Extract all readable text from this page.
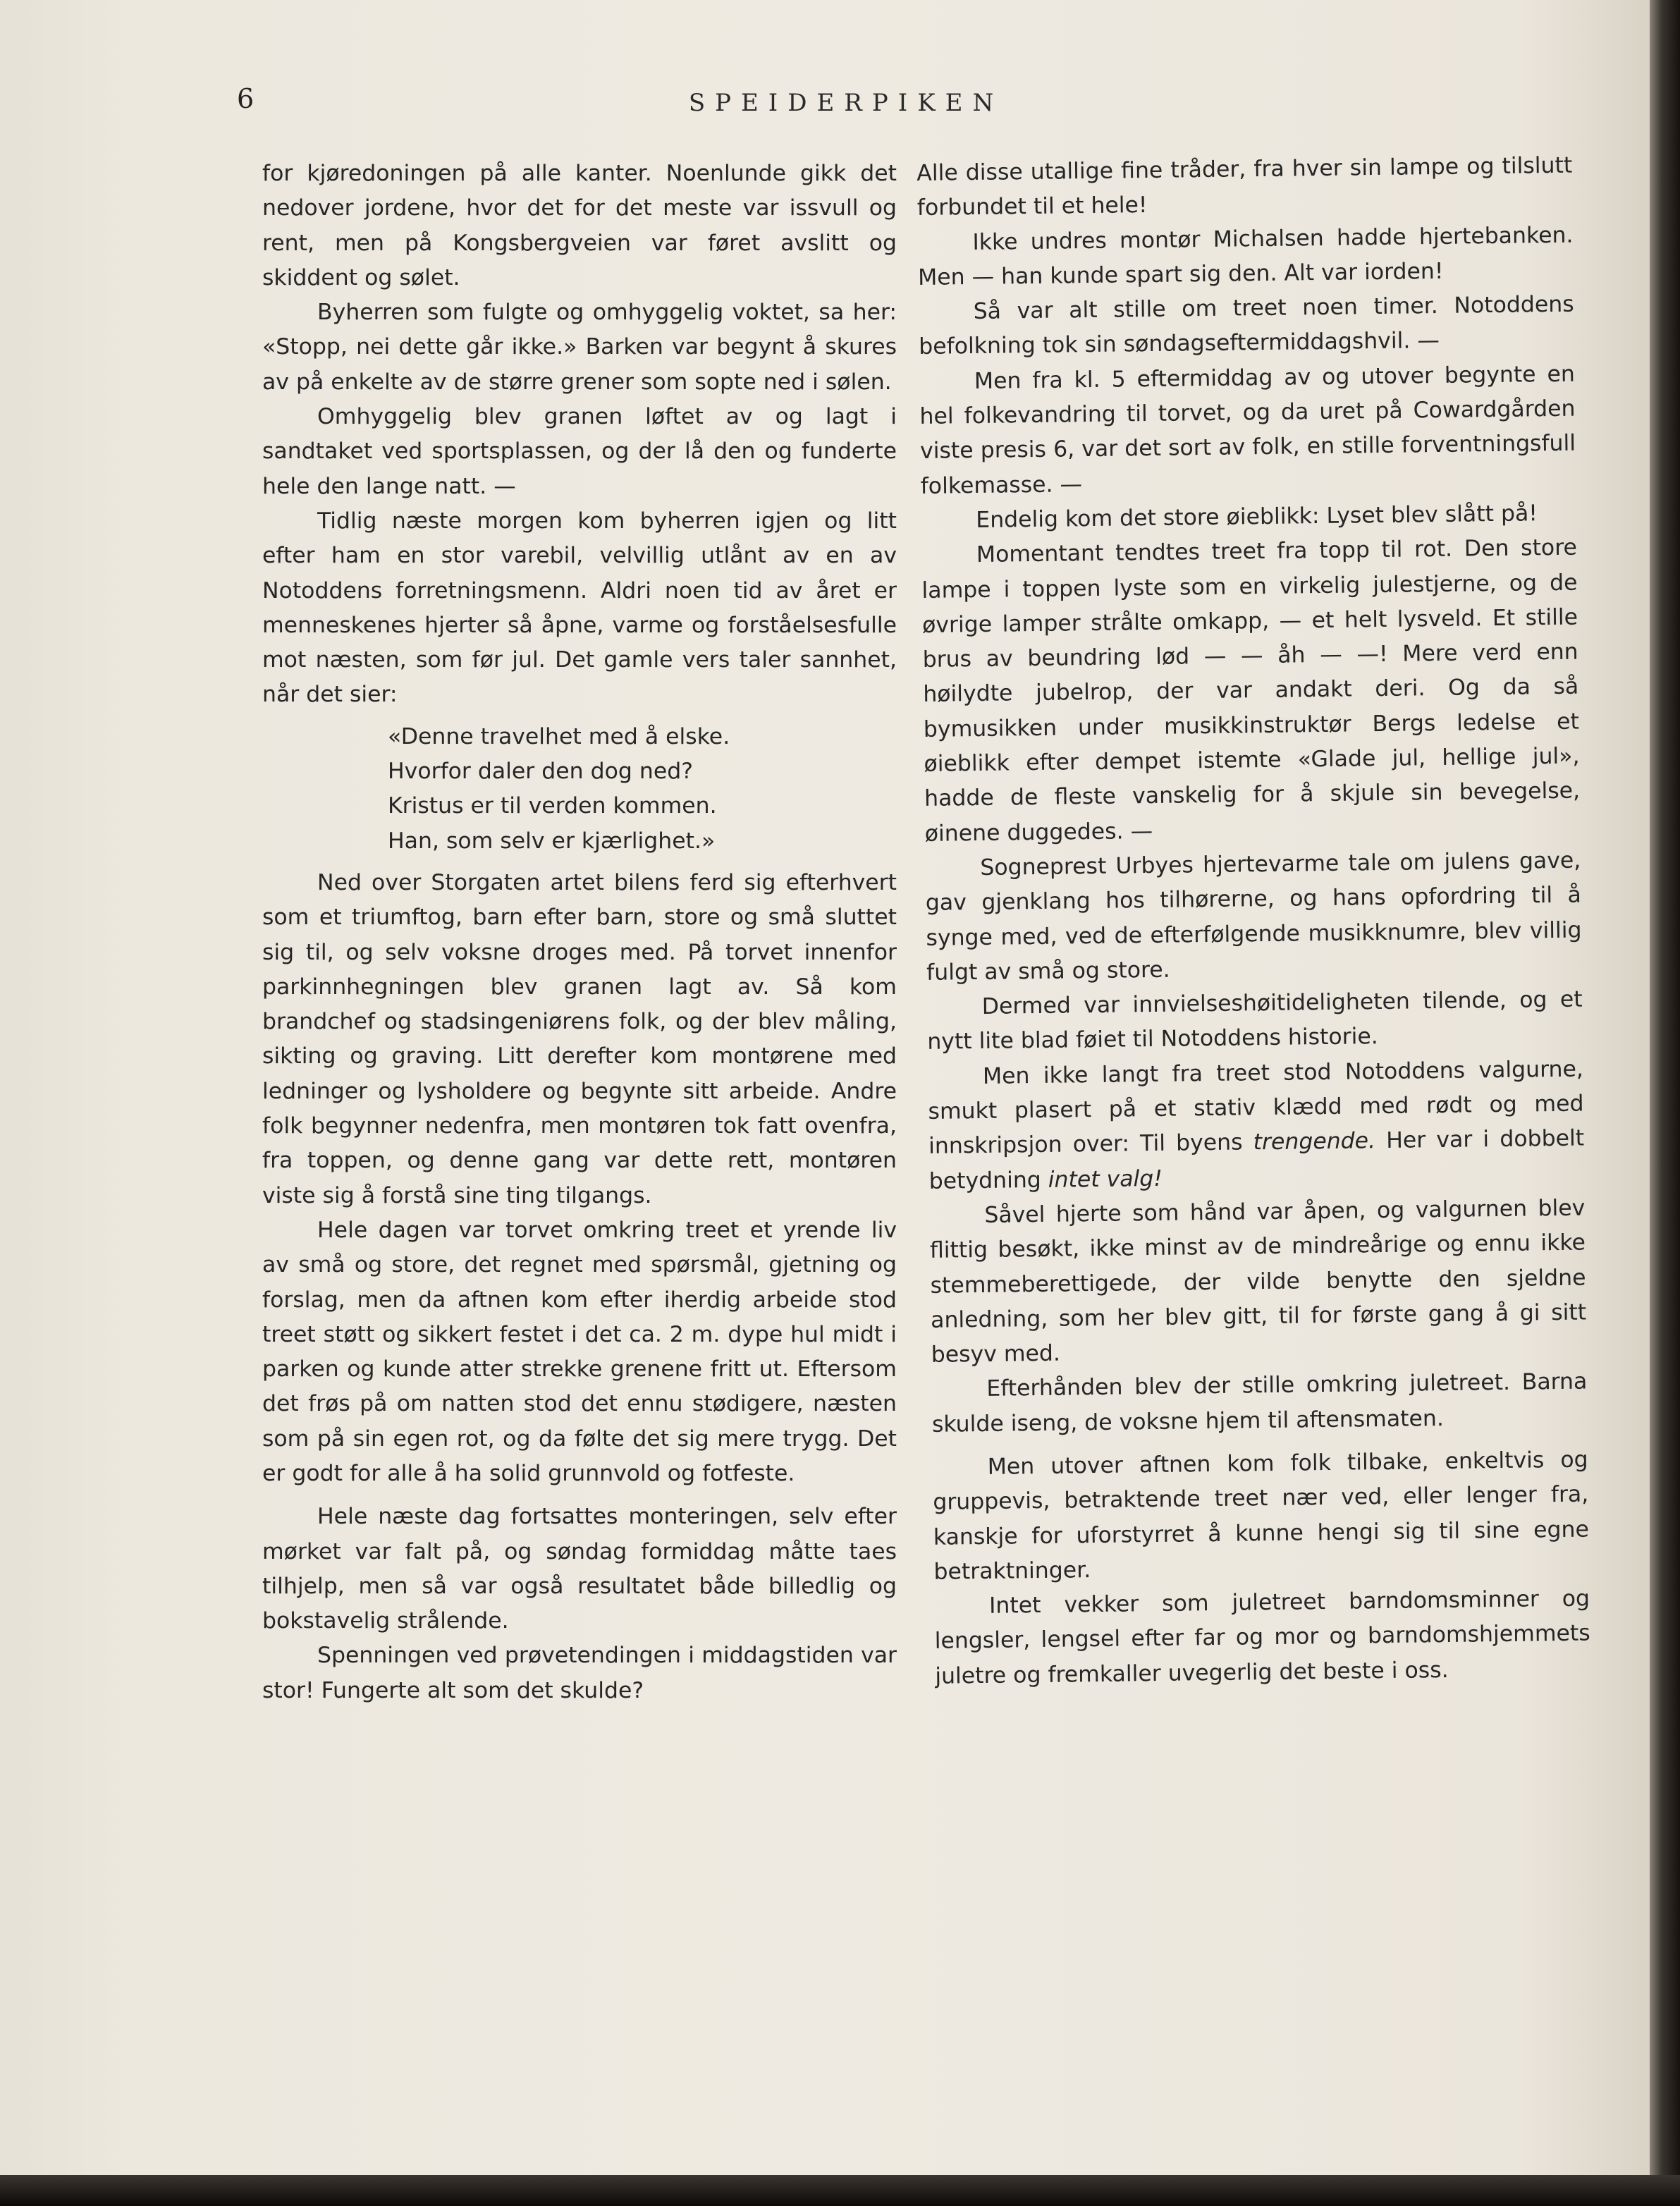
6	SPEIDERPIKEN

for kjøredoningen på alle kanter. Noenlunde gikk det nedover jordene, hvor det for det meste var issvull og rent, men på Kongsbergveien var føret avslitt og skiddent og sølet.

Byherren som fulgte og omhyggelig voktet, sa her: «Stopp, nei dette går ikke.» Barken var begynt å skures av på enkelte av de større grener som sopte ned i sølen.

Omhyggelig blev granen løftet av og lagt i sandtaket ved sportsplassen, og der lå den og funderte hele den lange natt. —

Tidlig næste morgen kom byherren igjen og litt efter ham en stor varebil, velvillig utlånt av en av Notoddens forretningsmenn. Aldri noen tid av året er menneskenes hjerter så åpne, varme og forståelsesfulle mot næsten, som før jul. Det gamle vers taler sannhet, når det sier:

«Denne travelhet med å elske.
Hvorfor daler den dog ned?
Kristus er til verden kommen.
Han, som selv er kjærlighet.»

Ned over Storgaten artet bilens ferd sig efterhvert som et triumftog, barn efter barn, store og små sluttet sig til, og selv voksne droges med. På torvet innenfor parkinnhegningen blev granen lagt av. Så kom brandchef og stadsingeniørens folk, og der blev måling, sikting og graving. Litt derefter kom montørene med ledninger og lysholdere og begynte sitt arbeide. Andre folk begynner nedenfra, men montøren tok fatt ovenfra, fra toppen, og denne gang var dette rett, montøren viste sig å forstå sine ting tilgangs.

Hele dagen var torvet omkring treet et yrende liv av små og store, det regnet med spørsmål, gjetning og forslag, men da aftnen kom efter iherdig arbeide stod treet støtt og sikkert festet i det ca. 2 m. dype hul midt i parken og kunde atter strekke grenene fritt ut. Eftersom det frøs på om natten stod det ennu stødigere, næsten som på sin egen rot, og da følte det sig mere trygg. Det er godt for alle å ha solid grunnvold og fotfeste.

Hele næste dag fortsattes monteringen, selv efter mørket var falt på, og søndag formiddag måtte taes tilhjelp, men så var også resultatet både billedlig og bokstavelig strålende.

Spenningen ved prøvetendingen i middagstiden var stor! Fungerte alt som det skulde?

Alle disse utallige fine tråder, fra hver sin lampe og tilslutt forbundet til et hele!

Ikke undres montør Michalsen hadde hjertebanken. Men — han kunde spart sig den. Alt var iorden!

Så var alt stille om treet noen timer. Notoddens befolkning tok sin søndagseftermiddagshvil. —

Men fra kl. 5 eftermiddag av og utover begynte en hel folkevandring til torvet, og da uret på Cowardgården viste presis 6, var det sort av folk, en stille forventningsfull folkemasse. —

Endelig kom det store øieblikk: Lyset blev slått på!

Momentant tendtes treet fra topp til rot. Den store lampe i toppen lyste som en virkelig julestjerne, og de øvrige lamper strålte omkapp, — et helt lysveld. Et stille brus av beundring lød — — åh — —! Mere verd enn høilydte jubelrop, der var andakt deri. Og da så bymusikken under musikkinstruktør Bergs ledelse et øieblikk efter dempet istemte «Glade jul, hellige jul», hadde de fleste vanskelig for å skjule sin bevegelse, øinene duggedes. —

Sogneprest Urbyes hjertevarme tale om julens gave, gav gjenklang hos tilhørerne, og hans opfordring til å synge med, ved de efterfølgende musikknumre, blev villig fulgt av små og store.

Dermed var innvielseshøitideligheten tilende, og et nytt lite blad føiet til Notoddens historie.

Men ikke langt fra treet stod Notoddens valgurne, smukt plasert på et stativ klædd med rødt og med innskripsjon over: Til byens trengende. Her var i dobbelt betydning intet valg!

Såvel hjerte som hånd var åpen, og valgurnen blev flittig besøkt, ikke minst av de mindreårige og ennu ikke stemmeberettigede, der vilde benytte den sjeldne anledning, som her blev gitt, til for første gang å gi sitt besyv med.

Efterhånden blev der stille omkring juletreet. Barna skulde iseng, de voksne hjem til aftensmaten.

Men utover aftnen kom folk tilbake, enkeltvis og gruppevis, betraktende treet nær ved, eller lenger fra, kanskje for uforstyrret å kunne hengi sig til sine egne betraktninger.

Intet vekker som juletreet barndomsminner og lengsler, lengsel efter far og mor og barndomshjemmets juletre og fremkaller uvegerlig det beste i oss.
